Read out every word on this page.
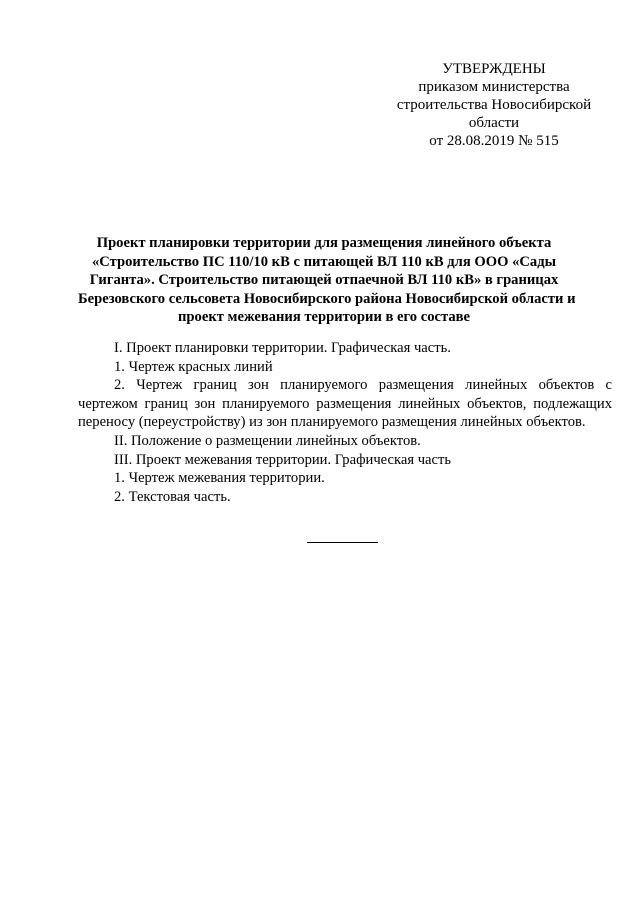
УТВЕРЖДЕНЫ
приказом министерства
строительства Новосибирской
области
от 28.08.2019 № 515
Проект планировки территории для размещения линейного объекта
«Строительство ПС 110/10 кВ с питающей ВЛ 110 кВ для ООО «Сады
Гиганта». Строительство питающей отпаечной ВЛ 110 кВ» в границах
Березовского сельсовета Новосибирского района Новосибирской области и
проект межевания территории в его составе
I. Проект планировки территории. Графическая часть.
1. Чертеж красных линий
2. Чертеж границ зон планируемого размещения линейных объектов с
чертежом границ зон планируемого размещения линейных объектов, подлежащих
переносу (переустройству) из зон планируемого размещения линейных объектов.
II. Положение о размещении линейных объектов.
III. Проект межевания территории. Графическая часть
1. Чертеж межевания территории.
2. Текстовая часть.
